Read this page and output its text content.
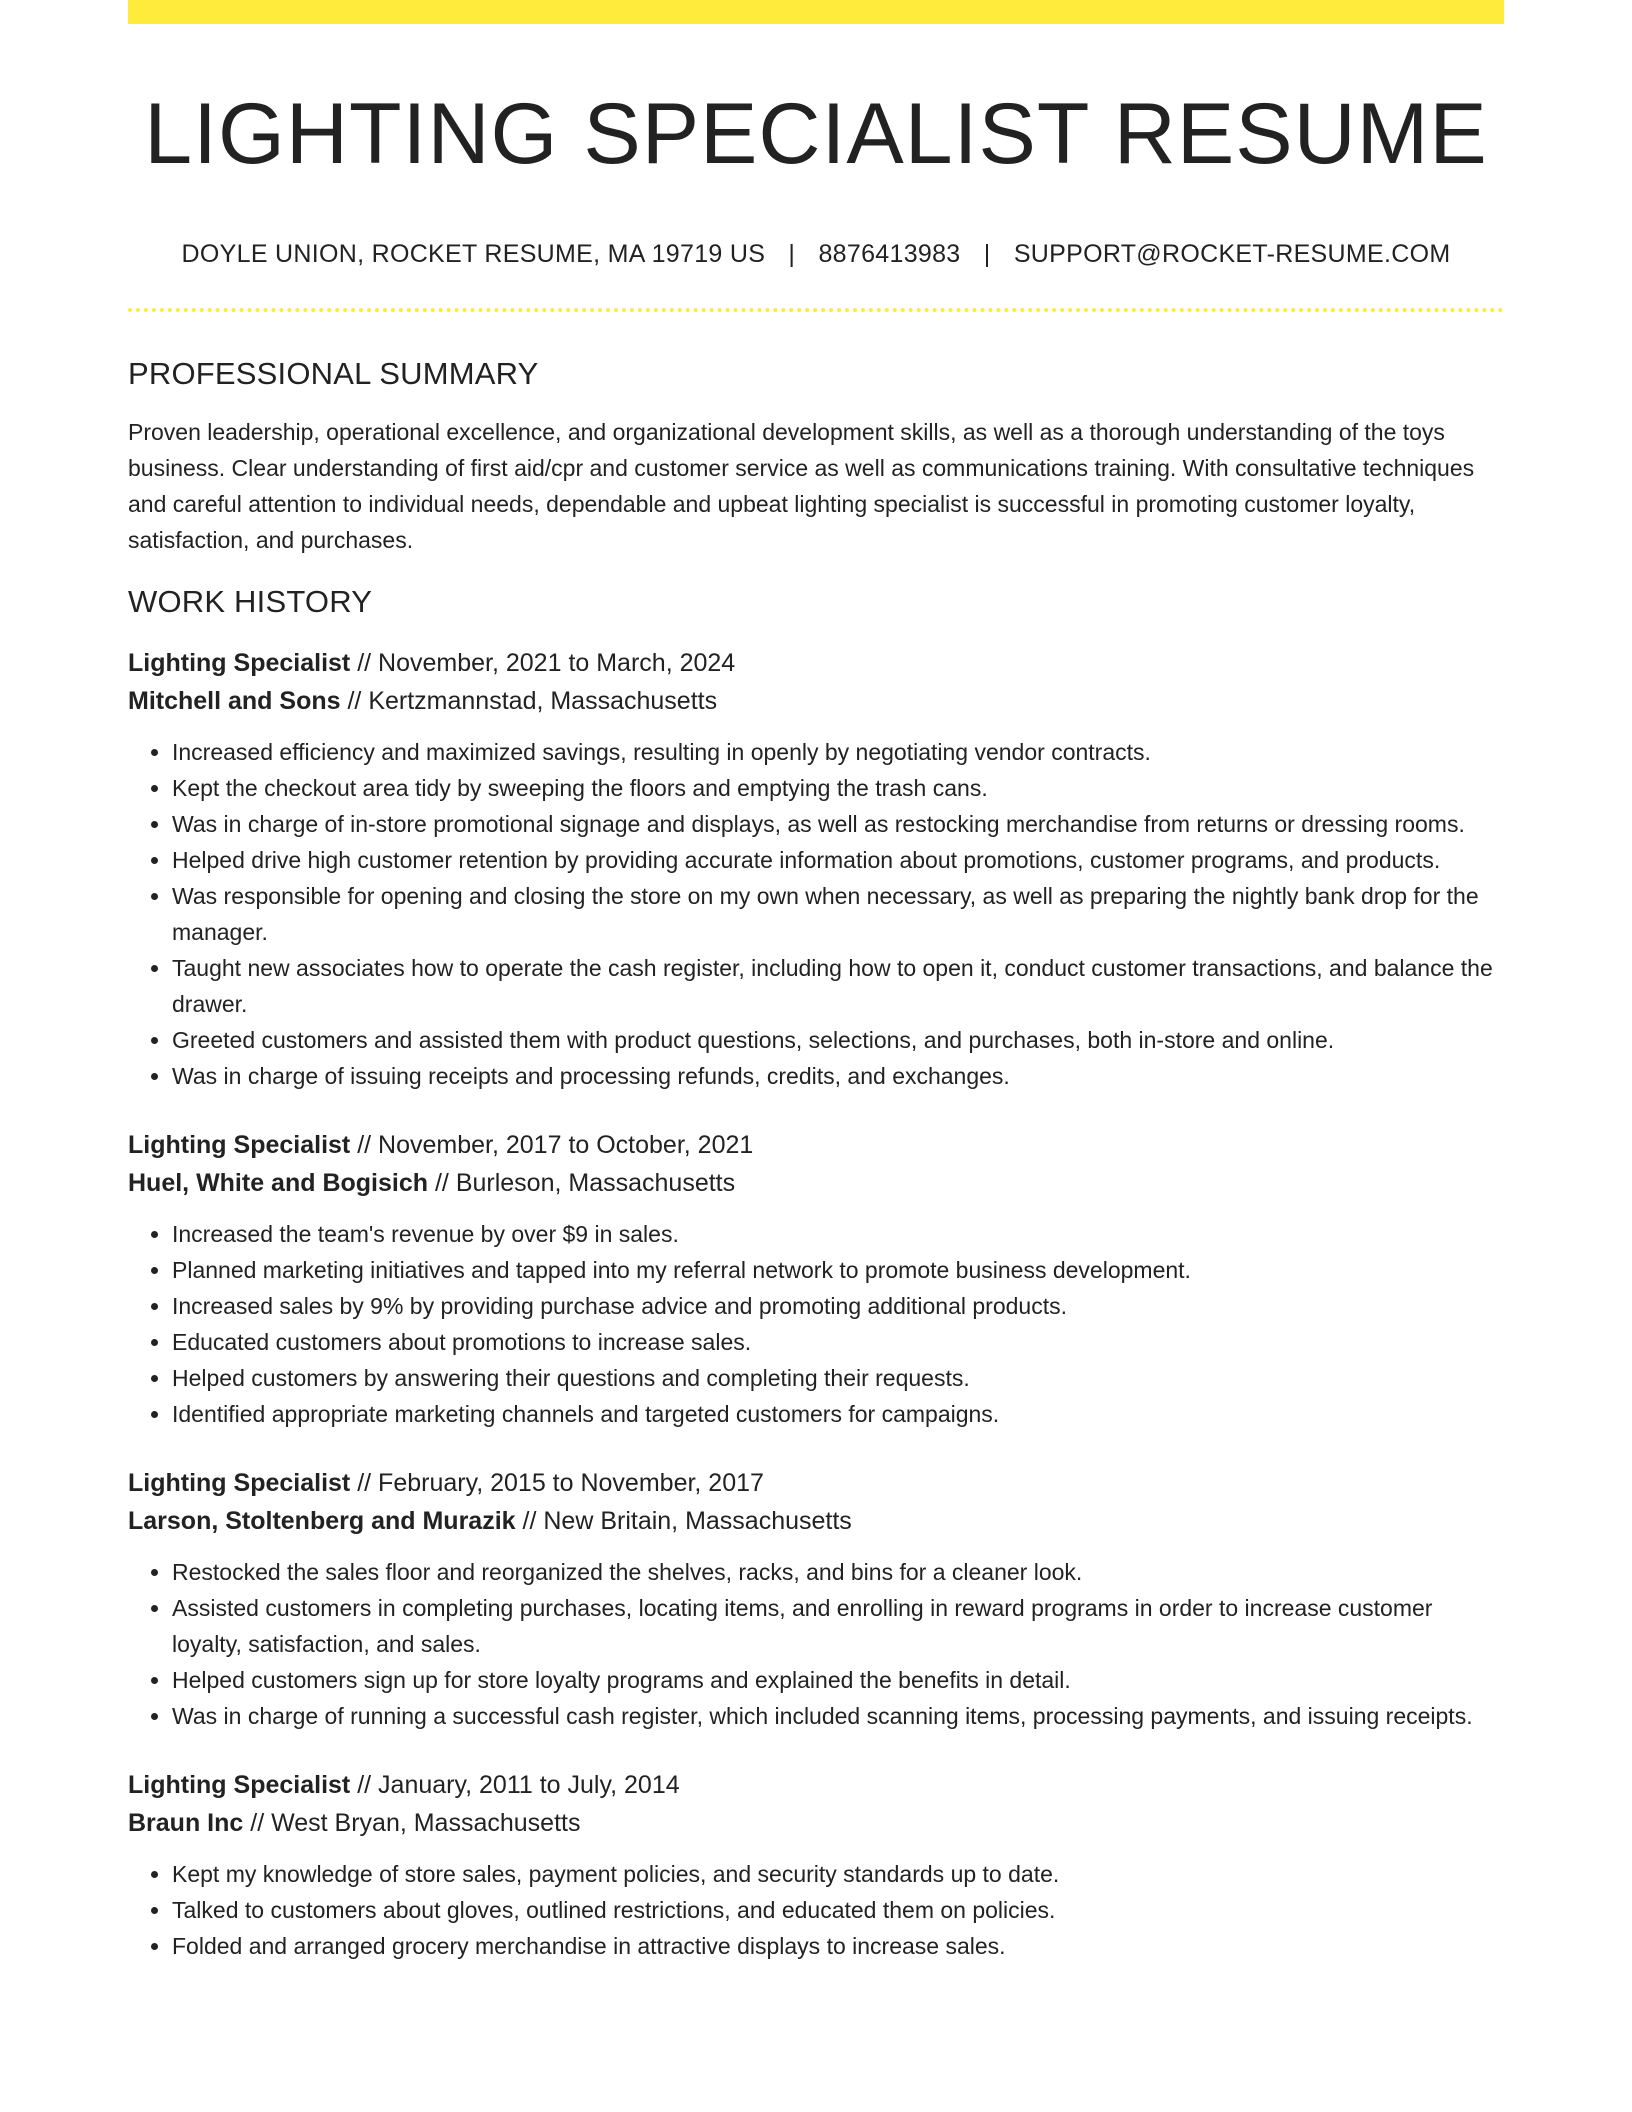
LIGHTING SPECIALIST RESUME
DOYLE UNION, ROCKET RESUME, MA 19719 US | 8876413983 | SUPPORT@ROCKET-RESUME.COM
PROFESSIONAL SUMMARY

Proven leadership, operational excellence, and organizational development skills, as well as a thorough understanding of the toys business. Clear understanding of first aid/cpr and customer service as well as communications training. With consultative techniques and careful attention to individual needs, dependable and upbeat lighting specialist is successful in promoting customer loyalty, satisfaction, and purchases.

WORK HISTORY
Lighting Specialist // November, 2021 to March, 2024
Mitchell and Sons // Kertzmannstad, Massachusetts
• Increased efficiency and maximized savings, resulting in openly by negotiating vendor contracts.
• Kept the checkout area tidy by sweeping the floors and emptying the trash cans.
• Was in charge of in-store promotional signage and displays, as well as restocking merchandise from returns or dressing rooms.
• Helped drive high customer retention by providing accurate information about promotions, customer programs, and products.
• Was responsible for opening and closing the store on my own when necessary, as well as preparing the nightly bank drop for the manager.
• Taught new associates how to operate the cash register, including how to open it, conduct customer transactions, and balance the drawer.
• Greeted customers and assisted them with product questions, selections, and purchases, both in-store and online.
• Was in charge of issuing receipts and processing refunds, credits, and exchanges.
Lighting Specialist // November, 2017 to October, 2021
Huel, White and Bogisich // Burleson, Massachusetts
• Increased the team's revenue by over $9 in sales.
• Planned marketing initiatives and tapped into my referral network to promote business development.
• Increased sales by 9% by providing purchase advice and promoting additional products.
• Educated customers about promotions to increase sales.
• Helped customers by answering their questions and completing their requests.
• Identified appropriate marketing channels and targeted customers for campaigns.
Lighting Specialist // February, 2015 to November, 2017
Larson, Stoltenberg and Murazik // New Britain, Massachusetts
• Restocked the sales floor and reorganized the shelves, racks, and bins for a cleaner look.
• Assisted customers in completing purchases, locating items, and enrolling in reward programs in order to increase customer loyalty, satisfaction, and sales.
• Helped customers sign up for store loyalty programs and explained the benefits in detail.
• Was in charge of running a successful cash register, which included scanning items, processing payments, and issuing receipts.
Lighting Specialist // January, 2011 to July, 2014
Braun Inc // West Bryan, Massachusetts
• Kept my knowledge of store sales, payment policies, and security standards up to date.
• Talked to customers about gloves, outlined restrictions, and educated them on policies.
• Folded and arranged grocery merchandise in attractive displays to increase sales.
